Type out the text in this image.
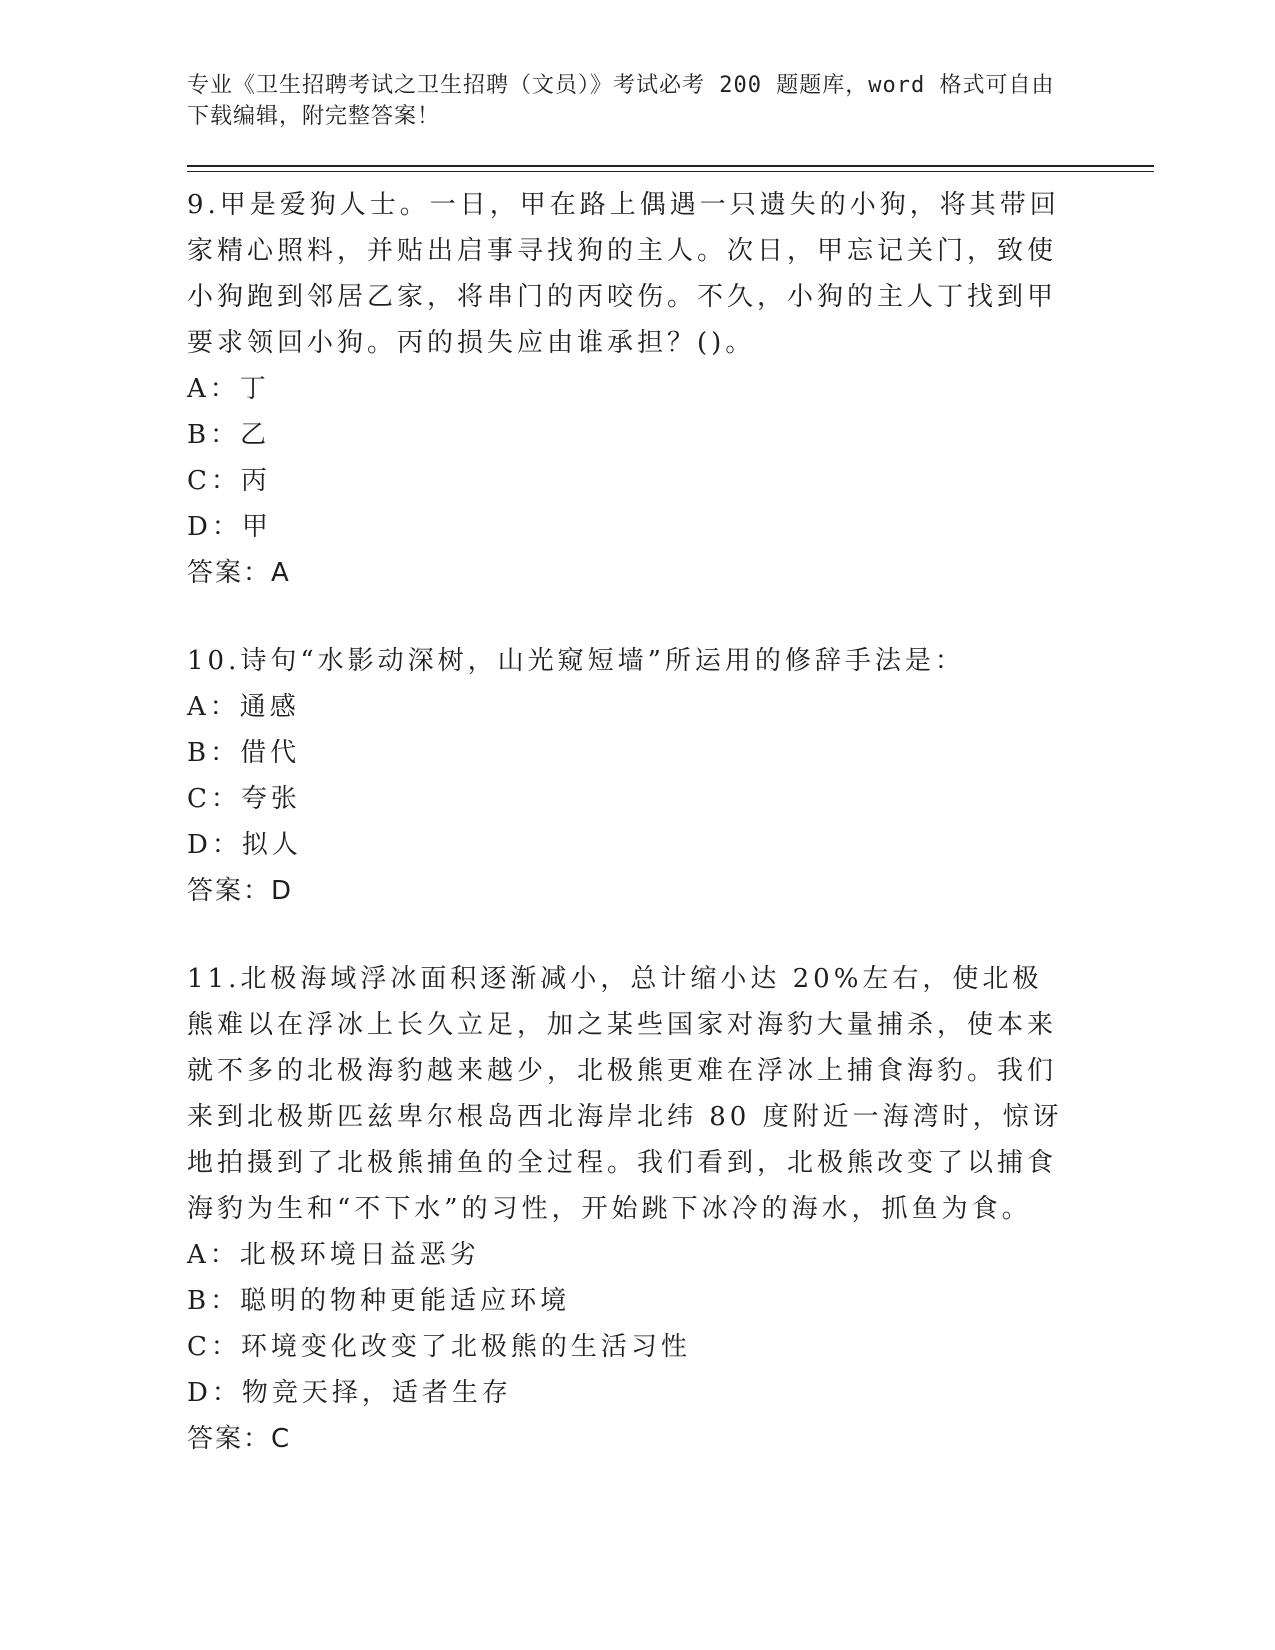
专业《卫生招聘考试之卫生招聘（文员）》考试必考 200 题题库，word 格式可自由下载编辑，附完整答案！
9.甲是爱狗人士。一日，甲在路上偶遇一只遗失的小狗，将其带回家精心照料，并贴出启事寻找狗的主人。次日，甲忘记关门，致使小狗跑到邻居乙家，将串门的丙咬伤。不久，小狗的主人丁找到甲要求领回小狗。丙的损失应由谁承担？()。
A：丁
B：乙
C：丙
D：甲
答案：A
10.诗句“水影动深树，山光窥短墙”所运用的修辞手法是：
A：通感
B：借代
C：夸张
D：拟人
答案：D
11.北极海域浮冰面积逐渐减小，总计缩小达 20%左右，使北极熊难以在浮冰上长久立足，加之某些国家对海豹大量捕杀，使本来就不多的北极海豹越来越少，北极熊更难在浮冰上捕食海豹。我们来到北极斯匹兹卑尔根岛西北海岸北纬 80 度附近一海湾时，惊讶地拍摄到了北极熊捕鱼的全过程。我们看到，北极熊改变了以捕食海豹为生和“不下水”的习性，开始跳下冰冷的海水，抓鱼为食。
A：北极环境日益恶劣
B：聪明的物种更能适应环境
C：环境变化改变了北极熊的生活习性
D：物竞天择，适者生存
答案：C
